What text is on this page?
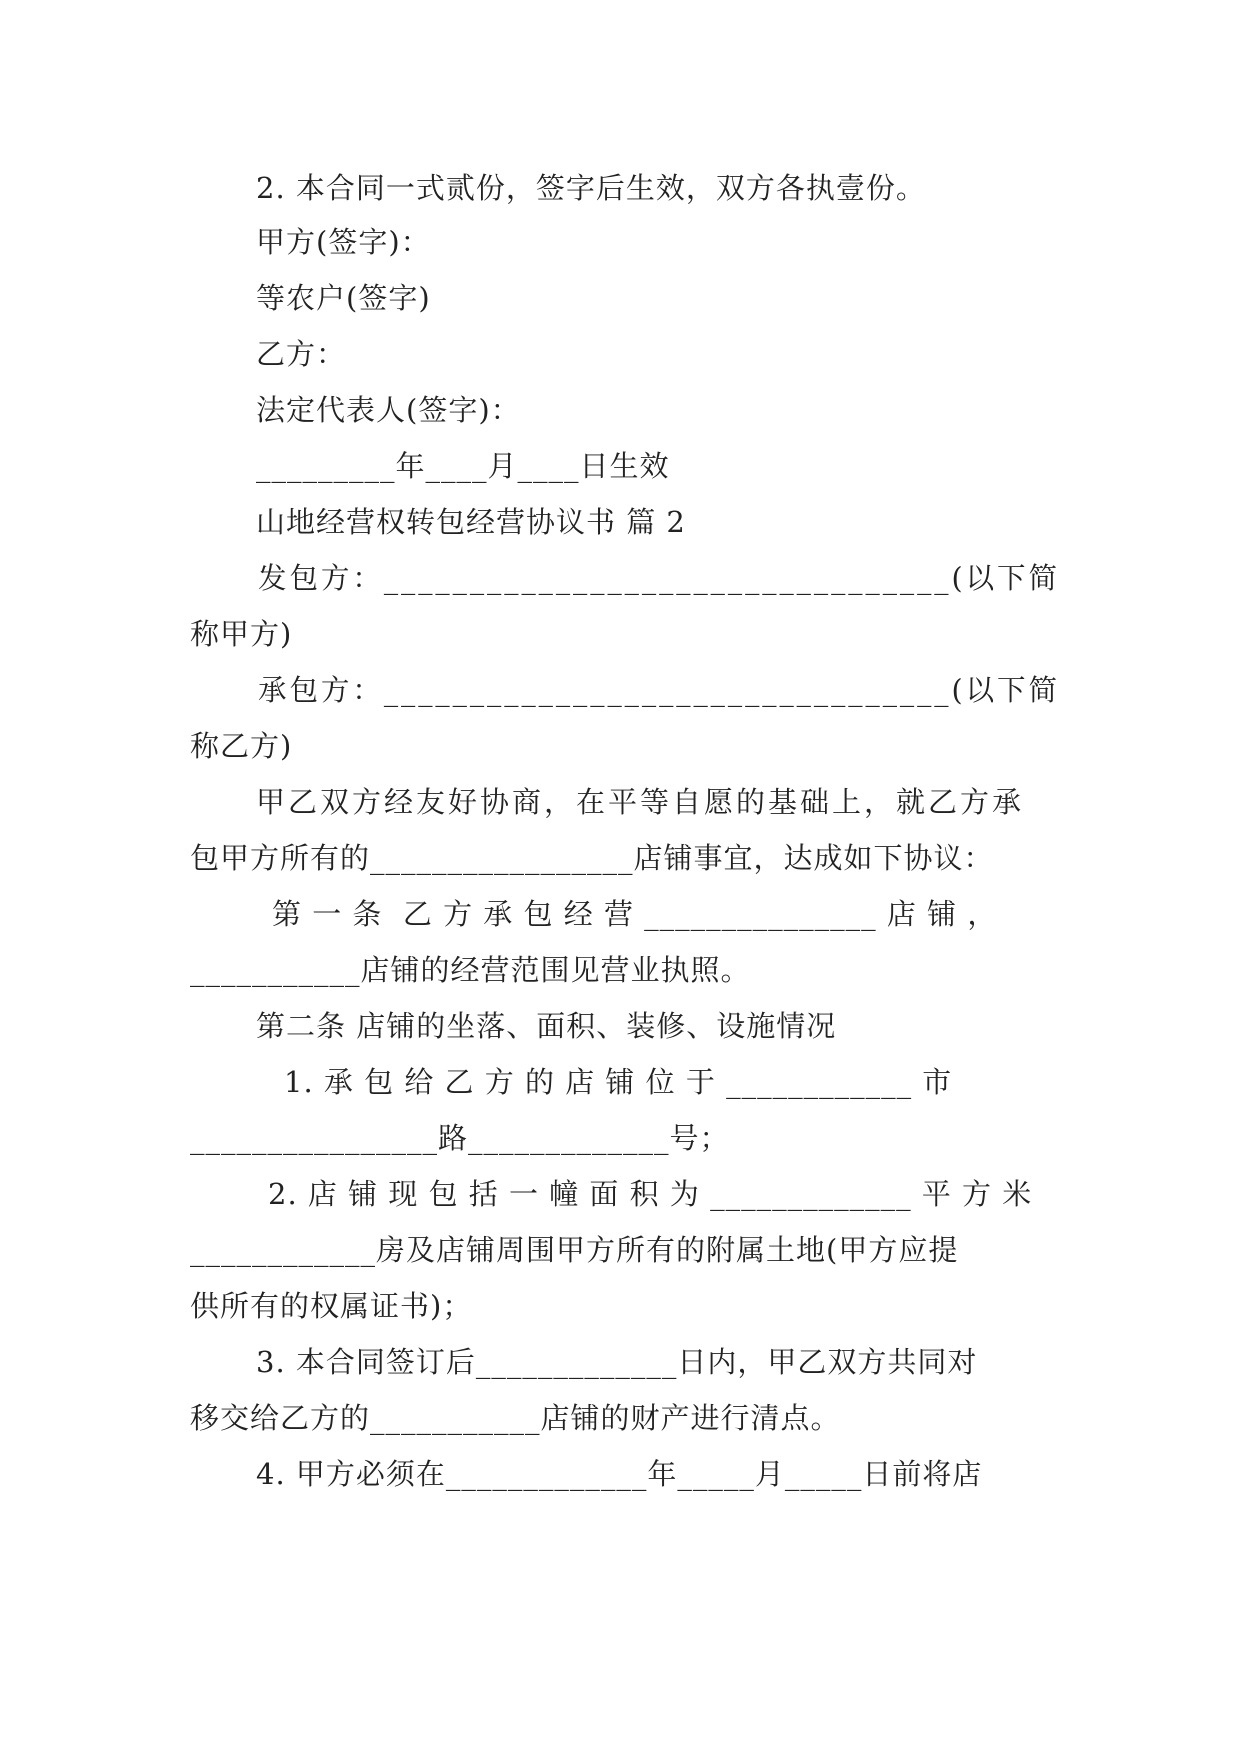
2. 本合同一式贰份，签字后生效，双方各执壹份。
甲方(签字)：
等农户(签字)
乙方：
法定代表人(签字)：
_________年____月____日生效
山地经营权转包经营协议书 篇 2
发包方：_________________________________(以下简
称甲方)
承包方：_________________________________(以下简
称乙方)
甲乙双方经友好协商，在平等自愿的基础上，就乙方承
包甲方所有的_________________店铺事宜，达成如下协议：
第 一 条  乙 方 承 包 经 营 _______________ 店 铺 ，
___________店铺的经营范围见营业执照。
第二条 店铺的坐落、面积、装修、设施情况
1. 承 包 给 乙 方 的 店 铺 位 于 ____________ 市
________________路_____________号；
2. 店 铺 现 包 括 一 幢 面 积 为 _____________ 平 方 米
____________房及店铺周围甲方所有的附属土地(甲方应提
供所有的权属证书)；
3. 本合同签订后_____________日内，甲乙双方共同对
移交给乙方的___________店铺的财产进行清点。
4. 甲方必须在_____________年_____月_____日前将店
